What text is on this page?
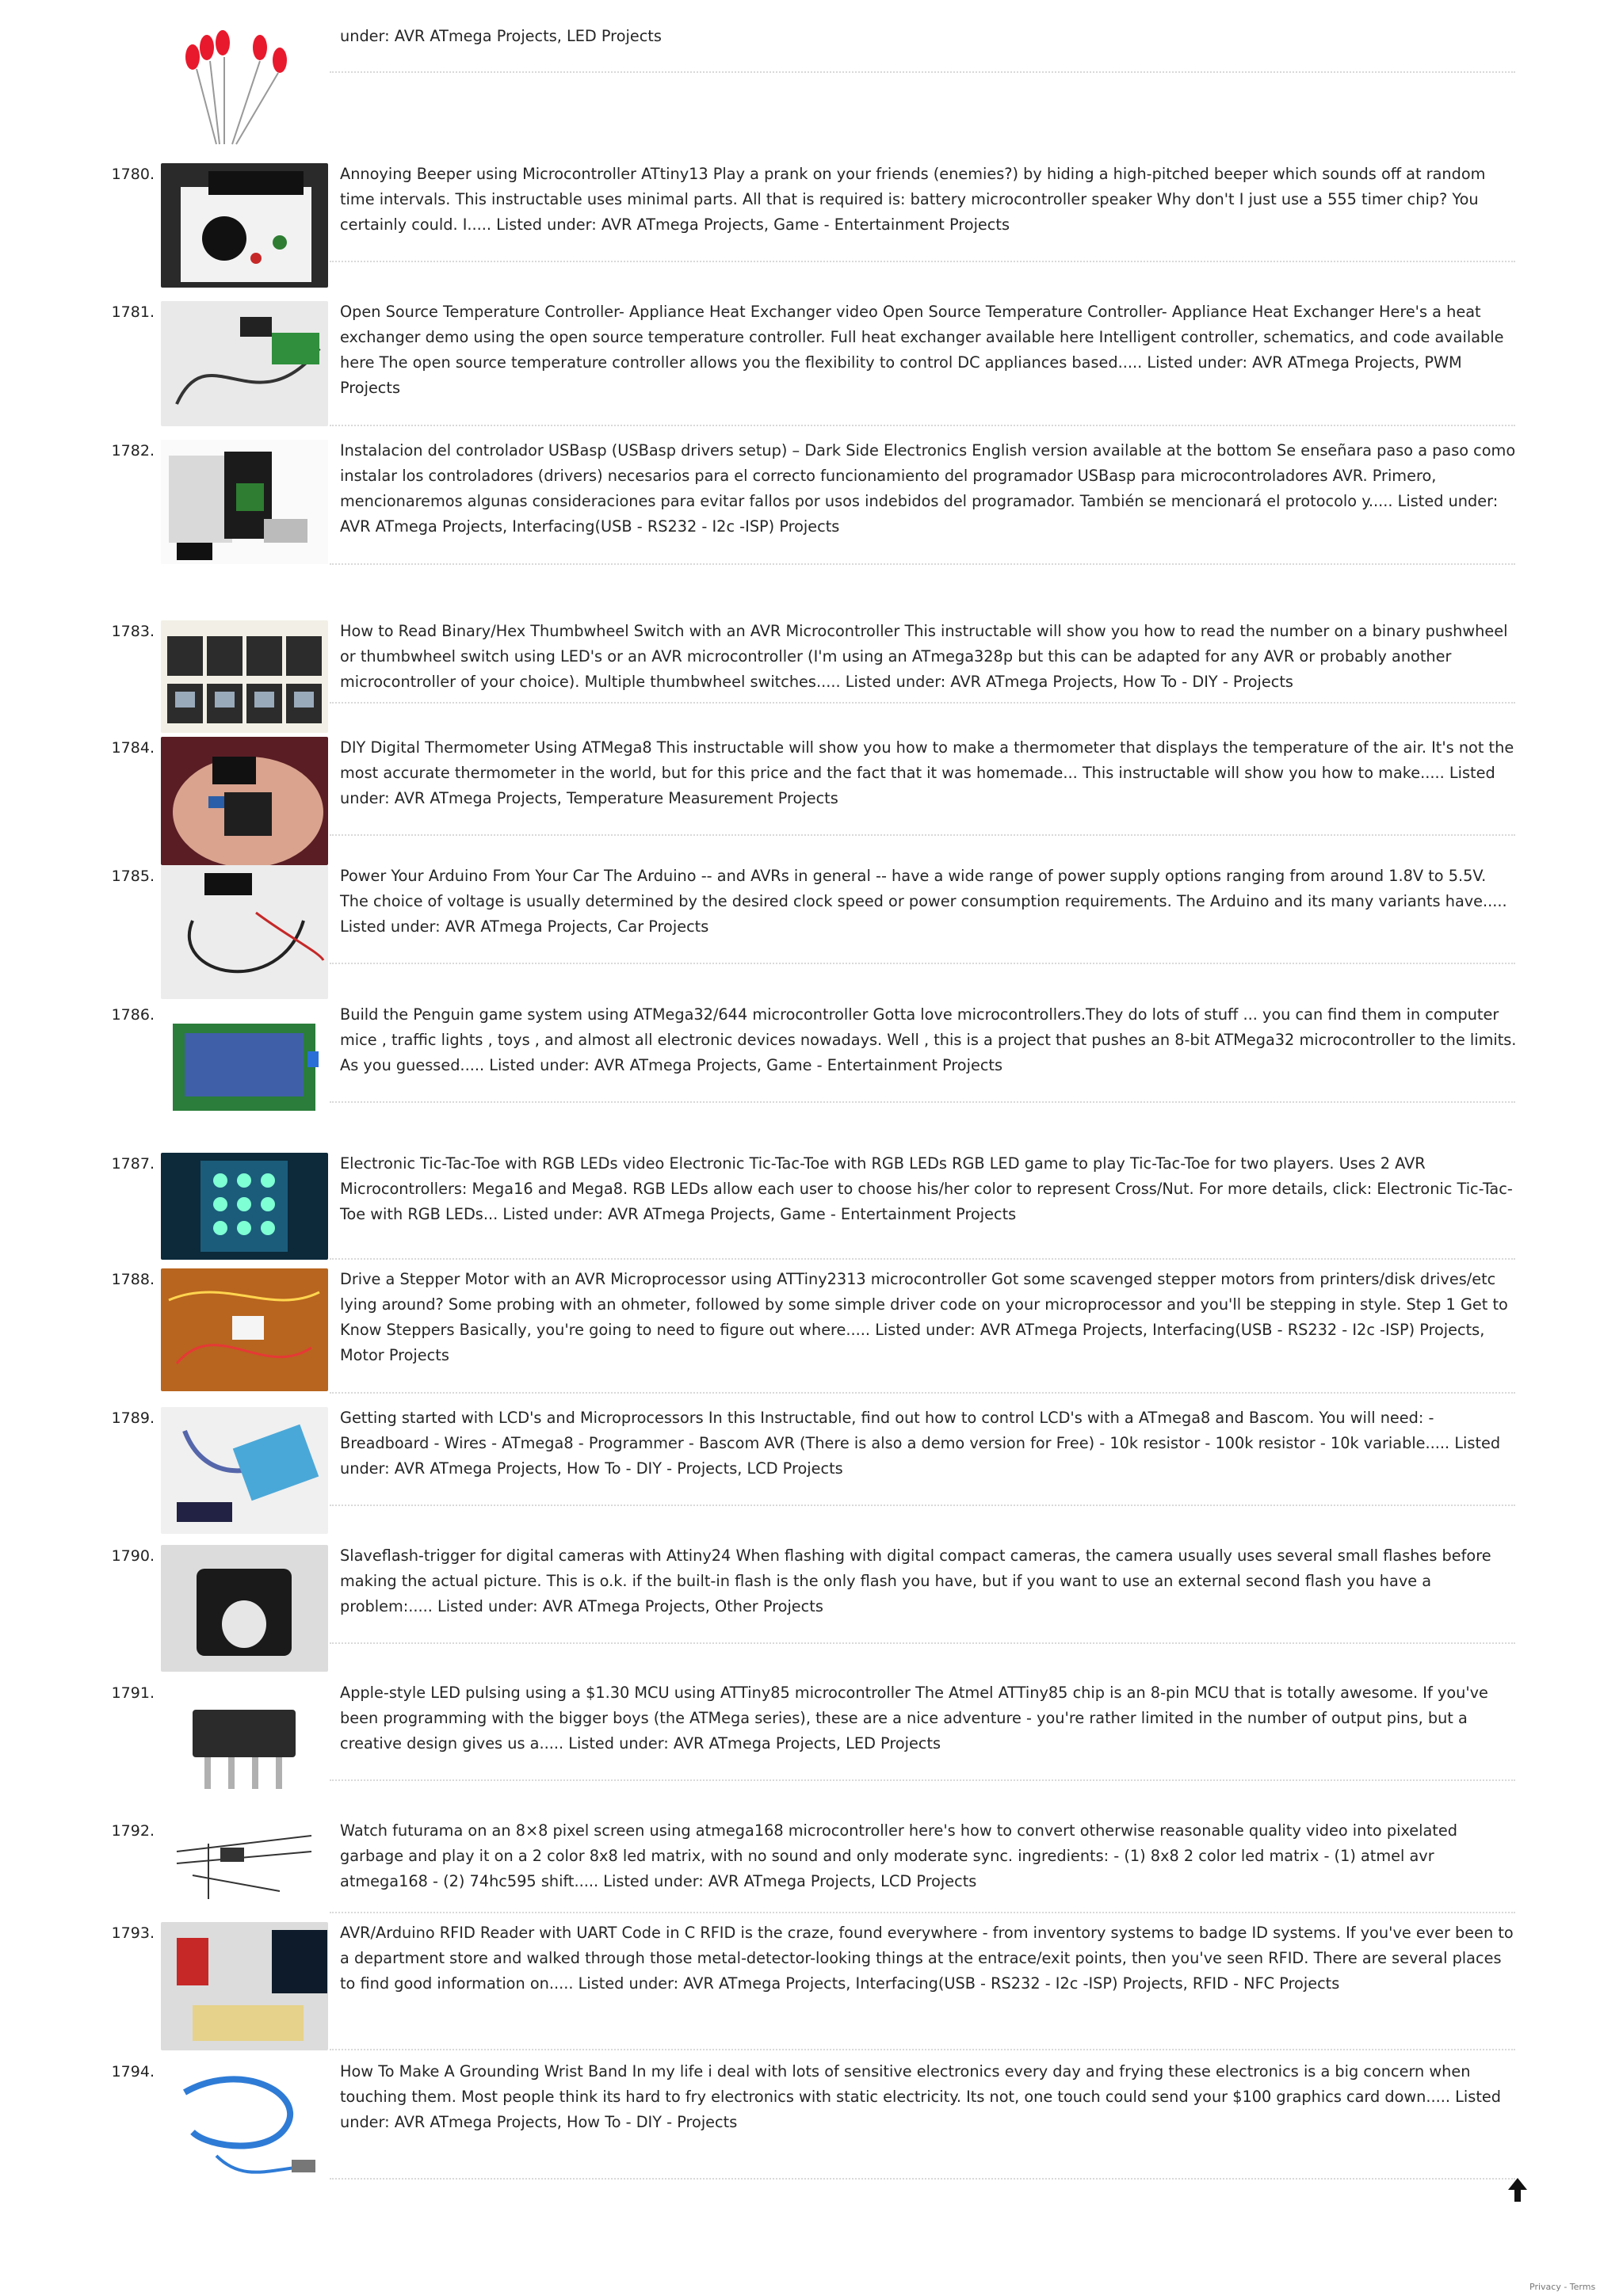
under: AVR ATmega Projects, LED Projects
1780.	Annoying Beeper using Microcontroller ATtiny13 Play a prank on your friends (enemies?) by hiding a high-pitched beeper which sounds off at random time intervals. This instructable uses minimal parts. All that is required is: battery microcontroller speaker Why don't I just use a 555 timer chip? You certainly could. I..... Listed under: AVR ATmega Projects, Game - Entertainment Projects
1781.	Open Source Temperature Controller- Appliance Heat Exchanger video Open Source Temperature Controller- Appliance Heat Exchanger Here's a heat exchanger demo using the open source temperature controller. Full heat exchanger available here Intelligent controller, schematics, and code available here The open source temperature controller allows you the flexibility to control DC appliances based..... Listed under: AVR ATmega Projects, PWM Projects
1782.	Instalacion del controlador USBasp (USBasp drivers setup) – Dark Side Electronics English version available at the bottom Se enseñara paso a paso como instalar los controladores (drivers) necesarios para el correcto funcionamiento del programador USBasp para microcontroladores AVR. Primero, mencionaremos algunas consideraciones para evitar fallos por usos indebidos del programador. También se mencionará el protocolo y..... Listed under: AVR ATmega Projects, Interfacing(USB - RS232 - I2c -ISP) Projects
1783.	How to Read Binary/Hex Thumbwheel Switch with an AVR Microcontroller This instructable will show you how to read the number on a binary pushwheel or thumbwheel switch using LED's or an AVR microcontroller (I'm using an ATmega328p but this can be adapted for any AVR or probably another microcontroller of your choice). Multiple thumbwheel switches..... Listed under: AVR ATmega Projects, How To - DIY - Projects
1784.	DIY Digital Thermometer Using ATMega8 This instructable will show you how to make a thermometer that displays the temperature of the air. It's not the most accurate thermometer in the world, but for this price and the fact that it was homemade... This instructable will show you how to make..... Listed under: AVR ATmega Projects, Temperature Measurement Projects
1785.	Power Your Arduino From Your Car The Arduino -- and AVRs in general -- have a wide range of power supply options ranging from around 1.8V to 5.5V. The choice of voltage is usually determined by the desired clock speed or power consumption requirements. The Arduino and its many variants have..... Listed under: AVR ATmega Projects, Car Projects
1786.	Build the Penguin game system using ATMega32/644 microcontroller Gotta love microcontrollers.They do lots of stuff ... you can find them in computer mice , traffic lights , toys , and almost all electronic devices nowadays. Well , this is a project that pushes an 8-bit ATMega32 microcontroller to the limits. As you guessed..... Listed under: AVR ATmega Projects, Game - Entertainment Projects
1787.	Electronic Tic-Tac-Toe with RGB LEDs video Electronic Tic-Tac-Toe with RGB LEDs RGB LED game to play Tic-Tac-Toe for two players. Uses 2 AVR Microcontrollers: Mega16 and Mega8. RGB LEDs allow each user to choose his/her color to represent Cross/Nut. For more details, click: Electronic Tic-Tac-Toe with RGB LEDs... Listed under: AVR ATmega Projects, Game - Entertainment Projects
1788.	Drive a Stepper Motor with an AVR Microprocessor using ATTiny2313 microcontroller Got some scavenged stepper motors from printers/disk drives/etc lying around? Some probing with an ohmeter, followed by some simple driver code on your microprocessor and you'll be stepping in style. Step 1 Get to Know Steppers Basically, you're going to need to figure out where..... Listed under: AVR ATmega Projects, Interfacing(USB - RS232 - I2c -ISP) Projects, Motor Projects
1789.	Getting started with LCD's and Microprocessors In this Instructable, find out how to control LCD's with a ATmega8 and Bascom. You will need: - Breadboard - Wires - ATmega8 - Programmer - Bascom AVR (There is also a demo version for Free) - 10k resistor - 100k resistor - 10k variable..... Listed under: AVR ATmega Projects, How To - DIY - Projects, LCD Projects
1790.	Slaveflash-trigger for digital cameras with Attiny24 When flashing with digital compact cameras, the camera usually uses several small flashes before making the actual picture. This is o.k. if the built-in flash is the only flash you have, but if you want to use an external second flash you have a problem:..... Listed under: AVR ATmega Projects, Other Projects
1791.	Apple-style LED pulsing using a $1.30 MCU using ATTiny85 microcontroller The Atmel ATTiny85 chip is an 8-pin MCU that is totally awesome. If you've been programming with the bigger boys (the ATMega series), these are a nice adventure - you're rather limited in the number of output pins, but a creative design gives us a..... Listed under: AVR ATmega Projects, LED Projects
1792.	Watch futurama on an 8×8 pixel screen using atmega168 microcontroller here's how to convert otherwise reasonable quality video into pixelated garbage and play it on a 2 color 8x8 led matrix, with no sound and only moderate sync. ingredients: - (1) 8x8 2 color led matrix - (1) atmel avr atmega168 - (2) 74hc595 shift..... Listed under: AVR ATmega Projects, LCD Projects
1793.	AVR/Arduino RFID Reader with UART Code in C RFID is the craze, found everywhere - from inventory systems to badge ID systems. If you've ever been to a department store and walked through those metal-detector-looking things at the entrace/exit points, then you've seen RFID. There are several places to find good information on..... Listed under: AVR ATmega Projects, Interfacing(USB - RS232 - I2c -ISP) Projects, RFID - NFC Projects
1794.	How To Make A Grounding Wrist Band In my life i deal with lots of sensitive electronics every day and frying these electronics is a big concern when touching them. Most people think its hard to fry electronics with static electricity. Its not, one touch could send your $100 graphics card down..... Listed under: AVR ATmega Projects, How To - DIY - Projects
Privacy - Terms
